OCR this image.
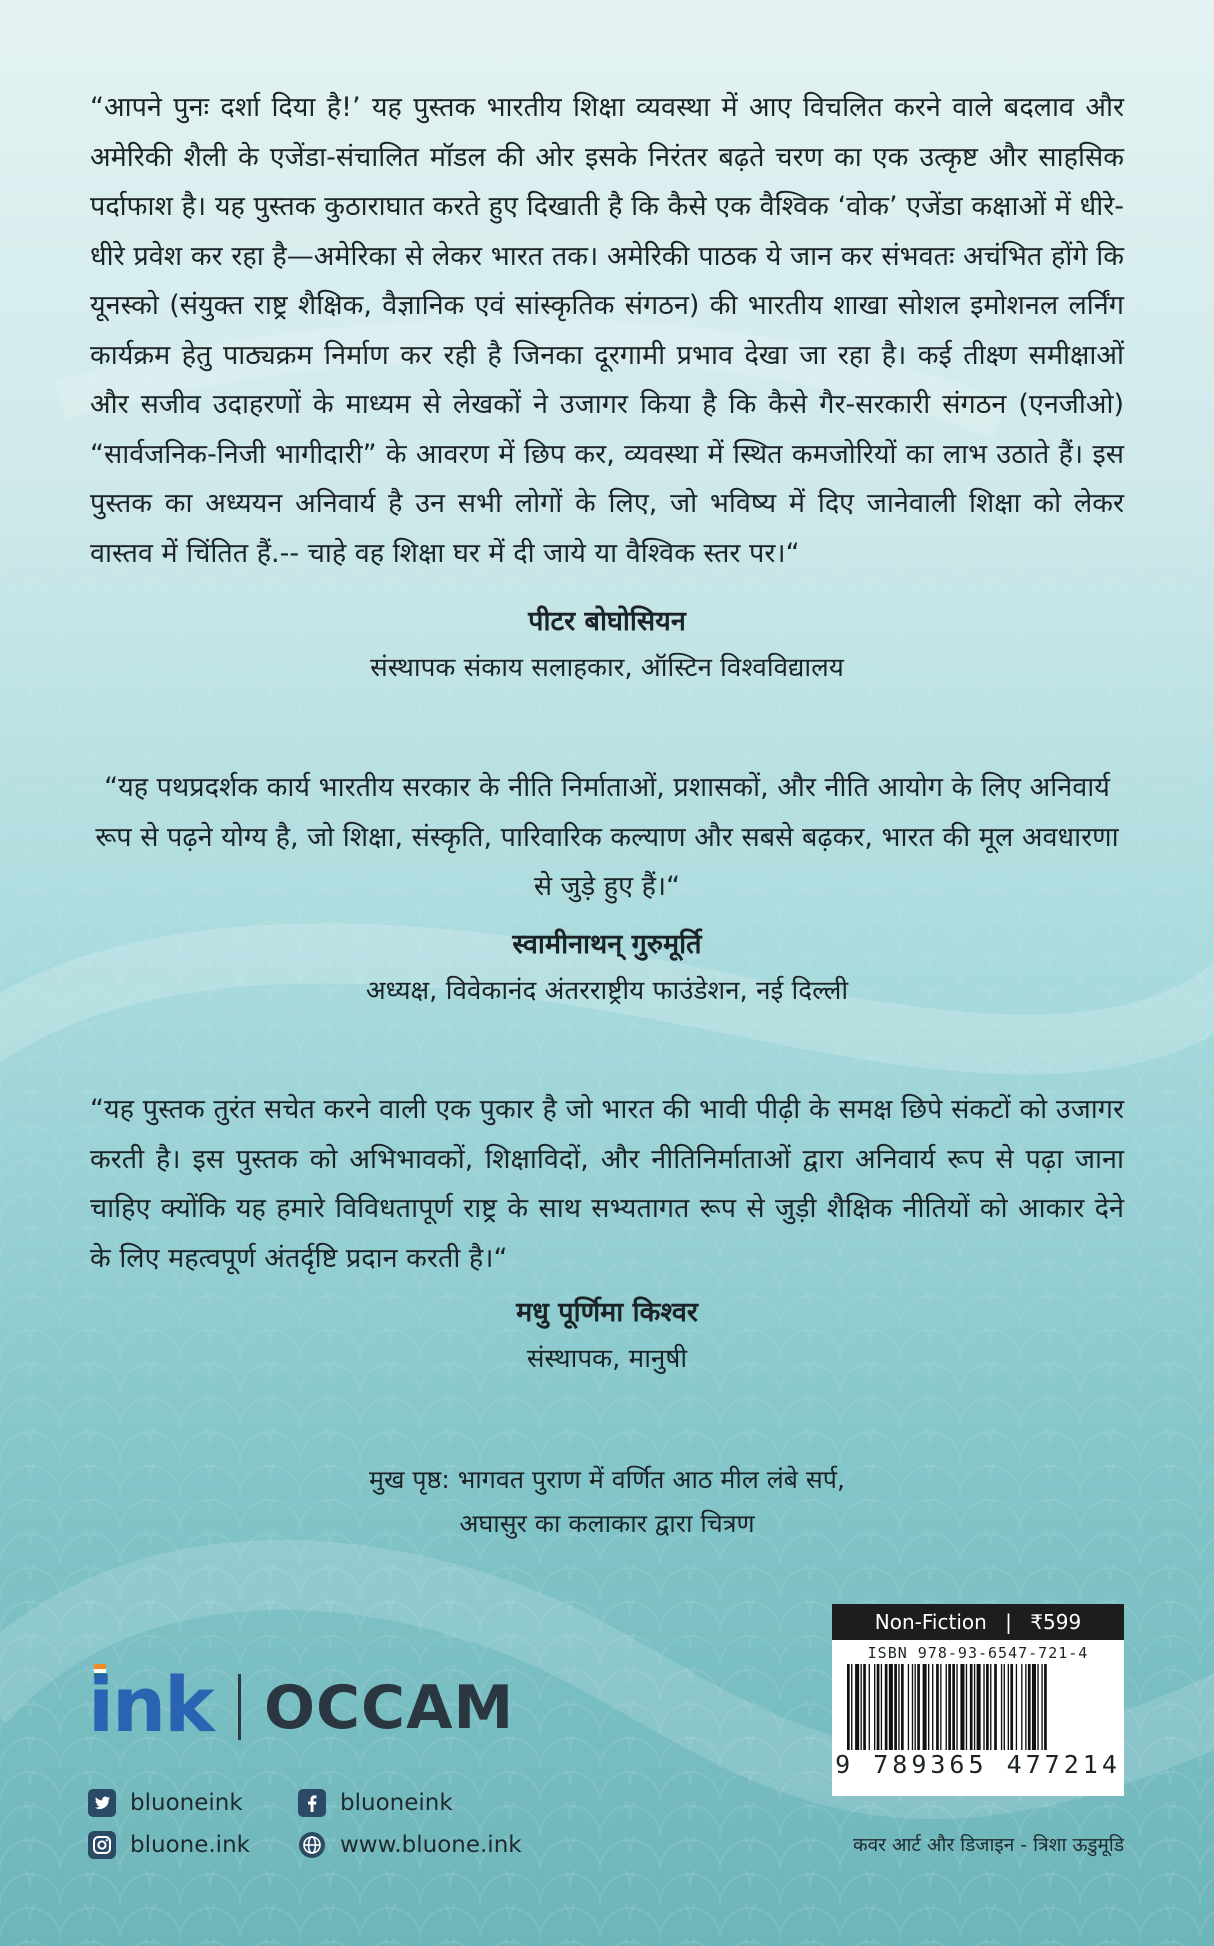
“आपने पुनः दर्शा दिया है!’ यह पुस्तक भारतीय शिक्षा व्यवस्था में आए विचलित करने वाले बदलाव और अमेरिकी शैली के एजेंडा-संचालित मॉडल की ओर इसके निरंतर बढ़ते चरण का एक उत्कृष्ट और साहसिक पर्दाफाश है। यह पुस्तक कुठाराघात करते हुए दिखाती है कि कैसे एक वैश्विक ‘वोक’ एजेंडा कक्षाओं में धीरे-धीरे प्रवेश कर रहा है—अमेरिका से लेकर भारत तक। अमेरिकी पाठक ये जान कर संभवतः अचंभित होंगे कि यूनस्को (संयुक्त राष्ट्र शैक्षिक, वैज्ञानिक एवं सांस्कृतिक संगठन) की भारतीय शाखा सोशल इमोशनल लर्निंग कार्यक्रम हेतु पाठ्यक्रम निर्माण कर रही है जिनका दूरगामी प्रभाव देखा जा रहा है। कई तीक्ष्ण समीक्षाओं और सजीव उदाहरणों के माध्यम से लेखकों ने उजागर किया है कि कैसे गैर-सरकारी संगठन (एनजीओ) “सार्वजनिक-निजी भागीदारी” के आवरण में छिप कर, व्यवस्था में स्थित कमजोरियों का लाभ उठाते हैं। इस पुस्तक का अध्ययन अनिवार्य है उन सभी लोगों के लिए, जो भविष्य में दिए जानेवाली शिक्षा को लेकर वास्तव में चिंतित हैं.-- चाहे वह शिक्षा घर में दी जाये या वैश्विक स्तर पर।“
पीटर बोघोसियन
संस्थापक संकाय सलाहकार, ऑस्टिन विश्वविद्यालय
“यह पथप्रदर्शक कार्य भारतीय सरकार के नीति निर्माताओं, प्रशासकों, और नीति आयोग के लिए अनिवार्य रूप से पढ़ने योग्य है, जो शिक्षा, संस्कृति, पारिवारिक कल्याण और सबसे बढ़कर, भारत की मूल अवधारणा से जुड़े हुए हैं।“
स्वामीनाथन् गुरुमूर्ति
अध्यक्ष, विवेकानंद अंतरराष्ट्रीय फाउंडेशन, नई दिल्ली
“यह पुस्तक तुरंत सचेत करने वाली एक पुकार है जो भारत की भावी पीढ़ी के समक्ष छिपे संकटों को उजागर करती है। इस पुस्तक को अभिभावकों, शिक्षाविदों, और नीतिनिर्माताओं द्वारा अनिवार्य रूप से पढ़ा जाना चाहिए क्योंकि यह हमारे विविधतापूर्ण राष्ट्र के साथ सभ्यतागत रूप से जुड़ी शैक्षिक नीतियों को आकार देने के लिए महत्वपूर्ण अंतर्दृष्टि प्रदान करती है।“
मधु पूर्णिमा किश्वर
संस्थापक, मानुषी
मुख पृष्ठ: भागवत पुराण में वर्णित आठ मील लंबे सर्प,
अघासुर का कलाकार द्वारा चित्रण
ink OCCAM
bluoneink	bluoneink
bluone.ink	www.bluone.ink
Non-Fiction | ₹599
ISBN 978-93-6547-721-4
9 789365 477214
कवर आर्ट और डिजाइन - त्रिशा ऊडुमूडि
